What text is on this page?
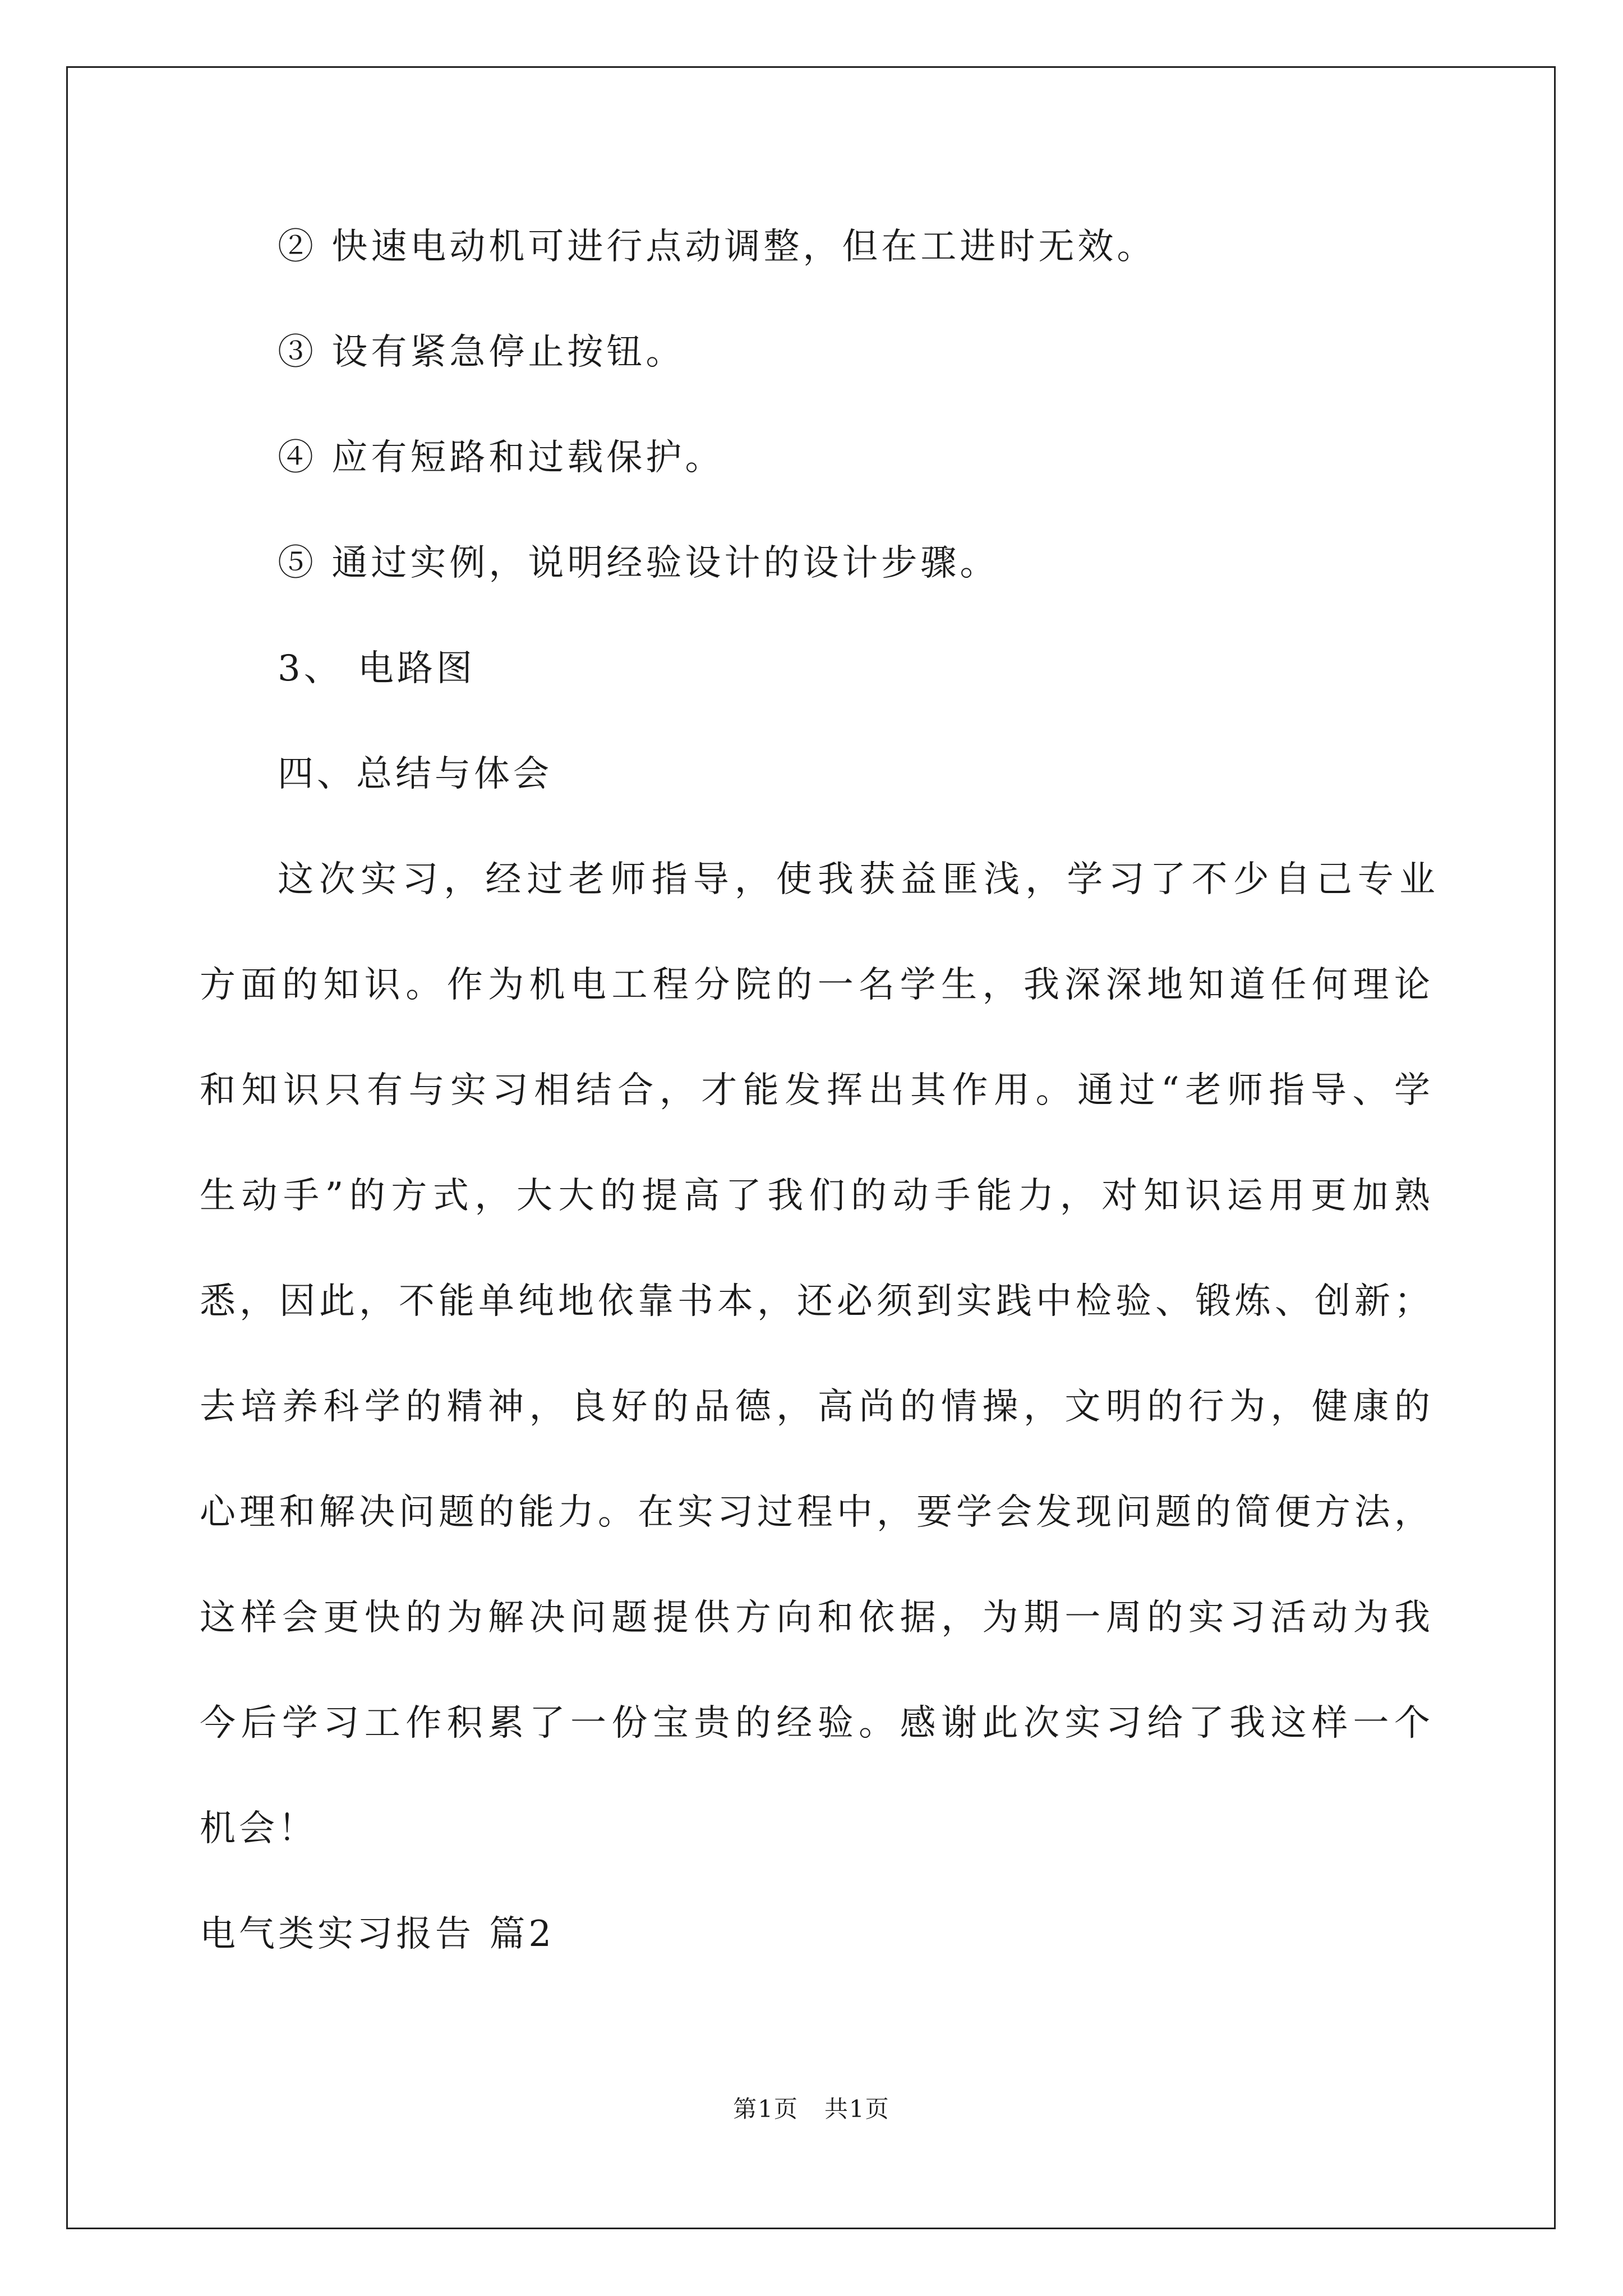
② 快速电动机可进行点动调整，但在工进时无效。
③ 设有紧急停止按钮。
④ 应有短路和过载保护。
⑤ 通过实例，说明经验设计的设计步骤。
3、 电路图
四、总结与体会
这次实习，经过老师指导，使我获益匪浅，学习了不少自己专业
方面的知识。作为机电工程分院的一名学生，我深深地知道任何理论
和知识只有与实习相结合，才能发挥出其作用。通过“老师指导、学
生动手”的方式，大大的提高了我们的动手能力，对知识运用更加熟
悉，因此，不能单纯地依靠书本，还必须到实践中检验、锻炼、创新；
去培养科学的精神，良好的品德，高尚的情操，文明的行为，健康的
心理和解决问题的能力。在实习过程中，要学会发现问题的简便方法，
这样会更快的为解决问题提供方向和依据，为期一周的实习活动为我
今后学习工作积累了一份宝贵的经验。感谢此次实习给了我这样一个
机会！
电气类实习报告 篇2
第1页   共1页
